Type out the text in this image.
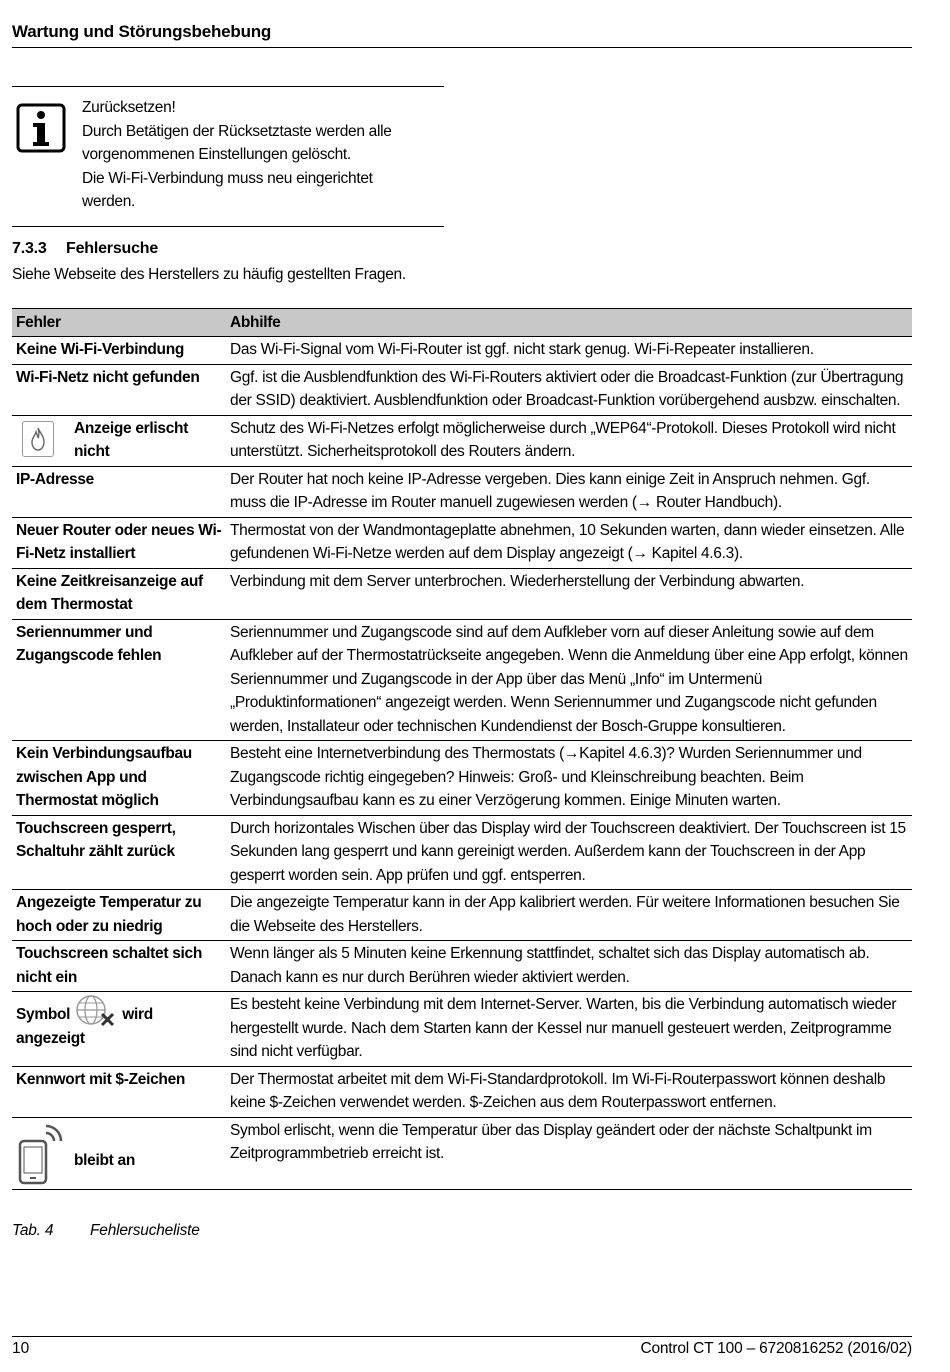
Wartung und Störungsbehebung
Zurücksetzen!
Durch Betätigen der Rücksetztaste werden alle
vorgenommenen Einstellungen gelöscht.
Die Wi-Fi-Verbindung muss neu eingerichtet
werden.
7.3.3 Fehlersuche
Siehe Webseite des Herstellers zu häufig gestellten Fragen.
Fehler	Abhilfe
Keine Wi-Fi-Verbindung	Das Wi-Fi-Signal vom Wi-Fi-Router ist ggf. nicht stark genug. Wi-Fi-Repeater installieren.
Wi-Fi-Netz nicht gefunden	Ggf. ist die Ausblendfunktion des Wi-Fi-Routers aktiviert oder die Broadcast-Funktion (zur Übertragung der SSID) deaktiviert. Ausblendfunktion oder Broadcast-Funktion vorübergehend ausbzw. einschalten.

Anzeige erlischt nicht	Schutz des Wi-Fi-Netzes erfolgt möglicherweise durch „WEP64“-Protokoll. Dieses Protokoll wird nicht unterstützt. Sicherheitsprotokoll des Routers ändern.
IP-Adresse	Der Router hat noch keine IP-Adresse vergeben. Dies kann einige Zeit in Anspruch nehmen. Ggf. muss die IP-Adresse im Router manuell zugewiesen werden (→ Router Handbuch).
Neuer Router oder neues Wi-Fi-Netz installiert	Thermostat von der Wandmontageplatte abnehmen, 10 Sekunden warten, dann wieder einsetzen. Alle gefundenen Wi-Fi-Netze werden auf dem Display angezeigt (→ Kapitel 4.6.3).
Keine Zeitkreisanzeige auf dem Thermostat	Verbindung mit dem Server unterbrochen. Wiederherstellung der Verbindung abwarten.
Seriennummer und Zugangscode fehlen	Seriennummer und Zugangscode sind auf dem Aufkleber vorn auf dieser Anleitung sowie auf dem Aufkleber auf der Thermostatrückseite angegeben. Wenn die Anmeldung über eine App erfolgt, können Seriennummer und Zugangscode in der App über das Menü „Info“ im Untermenü „Produktinformationen“ angezeigt werden. Wenn Seriennummer und Zugangscode nicht gefunden werden, Installateur oder technischen Kundendienst der Bosch-Gruppe konsultieren.
Kein Verbindungsaufbau zwischen App und Thermostat möglich	Besteht eine Internetverbindung des Thermostats (→Kapitel 4.6.3)? Wurden Seriennummer und Zugangscode richtig eingegeben? Hinweis: Groß- und Kleinschreibung beachten. Beim Verbindungsaufbau kann es zu einer Verzögerung kommen. Einige Minuten warten.
Touchscreen gesperrt, Schaltuhr zählt zurück	Durch horizontales Wischen über das Display wird der Touchscreen deaktiviert. Der Touchscreen ist 15 Sekunden lang gesperrt und kann gereinigt werden. Außerdem kann der Touchscreen in der App gesperrt worden sein. App prüfen und ggf. entsperren.
Angezeigte Temperatur zu hoch oder zu niedrig	Die angezeigte Temperatur kann in der App kalibriert werden. Für weitere Informationen besuchen Sie die Webseite des Herstellers.
Touchscreen schaltet sich nicht ein	Wenn länger als 5 Minuten keine Erkennung stattfindet, schaltet sich das Display automatisch ab. Danach kann es nur durch Berühren wieder aktiviert werden.
Symbol wird angezeigt	Es besteht keine Verbindung mit dem Internet-Server. Warten, bis die Verbindung automatisch wieder hergestellt wurde. Nach dem Starten kann der Kessel nur manuell gesteuert werden, Zeitprogramme sind nicht verfügbar.
Kennwort mit $-Zeichen	Der Thermostat arbeitet mit dem Wi-Fi-Standardprotokoll. Im Wi-Fi-Routerpasswort können deshalb keine $-Zeichen verwendet werden. $-Zeichen aus dem Routerpasswort entfernen.

bleibt an	Symbol erlischt, wenn die Temperatur über das Display geändert oder der nächste Schaltpunkt im Zeitprogrammbetrieb erreicht ist.
Tab. 4 Fehlersucheliste
10	Control CT 100 – 6720816252 (2016/02)
